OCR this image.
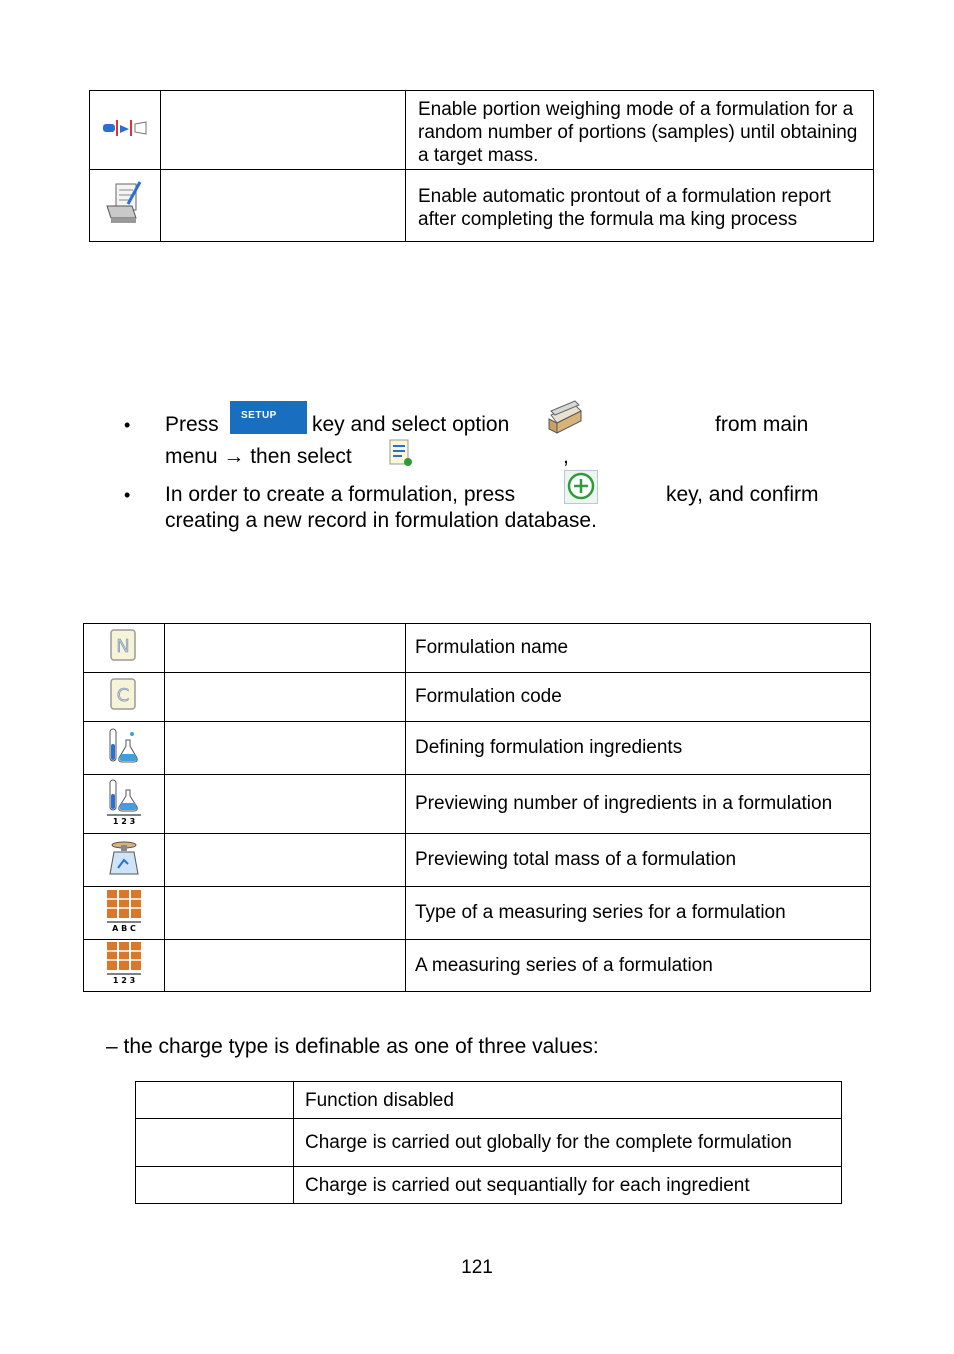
		Enable portion weighing mode of a formulation for a random number of portions (samples) until obtaining a target mass.
		Enable automatic prontout of a formulation report after completing the formula ma king process
• Press	SETUP	key and select option	from main
menu → then select	,
• In order to create a formulation, press	key, and confirm
creating a new record in formulation database.
N		Formulation name

C		Formulation code
		Defining formulation ingredients

1 2 3		Previewing number of ingredients in a formulation
		Previewing total mass of a formulation

A B C		Type of a measuring series for a formulation

1 2 3		A measuring series of a formulation
– the charge type is definable as one of three values:
	Function disabled
	Charge is carried out globally for the complete formulation
	Charge is carried out sequantially for each ingredient
121
